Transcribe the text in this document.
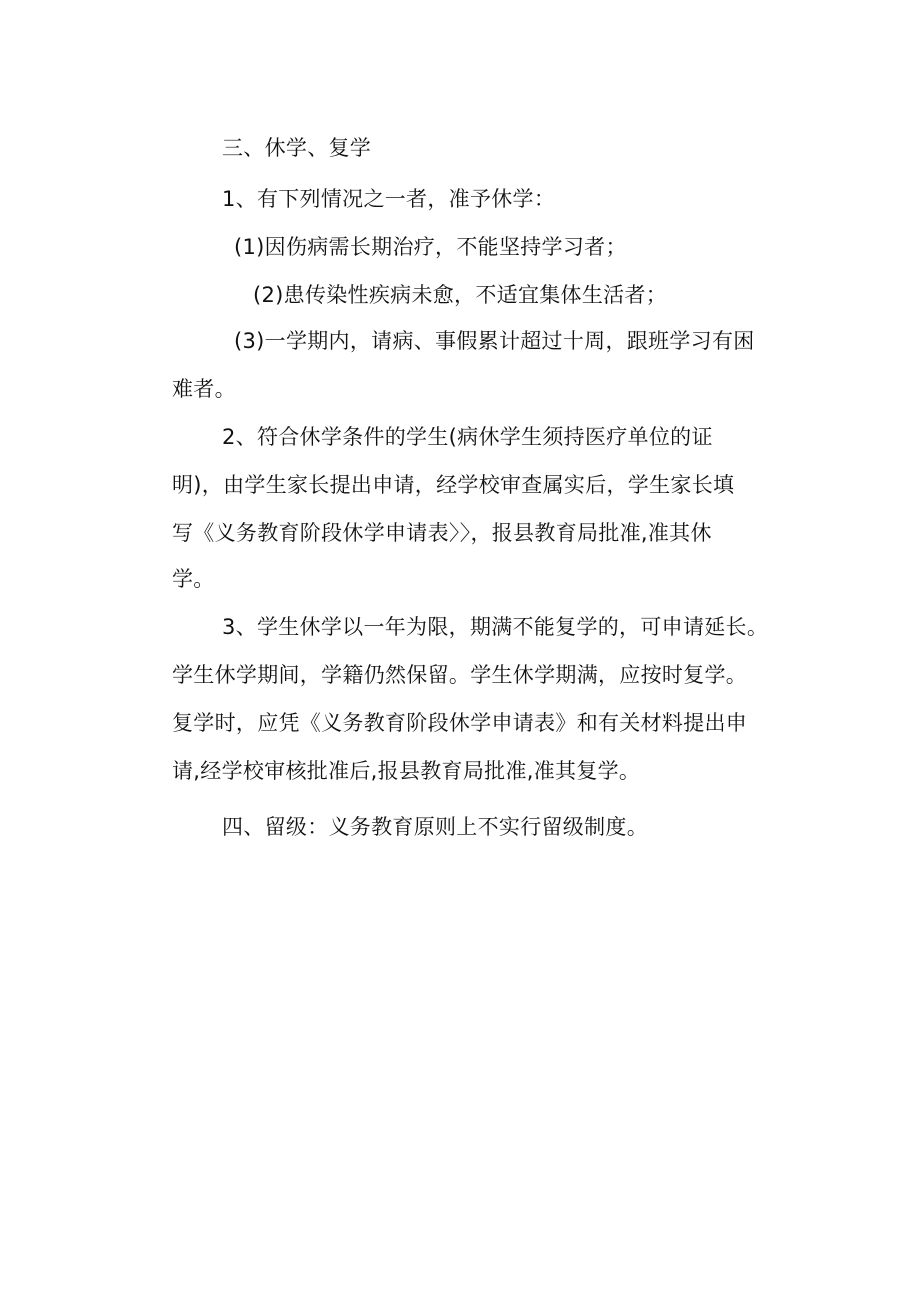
三、休学、复学
1、有下列情况之一者，准予休学：
(1)因伤病需长期治疗，不能坚持学习者；
(2)患传染性疾病未愈，不适宜集体生活者；
(3)一学期内，请病、事假累计超过十周，跟班学习有困
难者。
2、符合休学条件的学生(病休学生须持医疗单位的证
明)，由学生家长提出申请，经学校审查属实后，学生家长填
写《义务教育阶段休学申请表〉〉，报县教育局批准,准其休
学。
3、学生休学以一年为限，期满不能复学的，可申请延长。
学生休学期间，学籍仍然保留。学生休学期满，应按时复学。
复学时，应凭《义务教育阶段休学申请表》和有关材料提出申
请,经学校审核批准后,报县教育局批准,准其复学。
四、留级：义务教育原则上不实行留级制度。
